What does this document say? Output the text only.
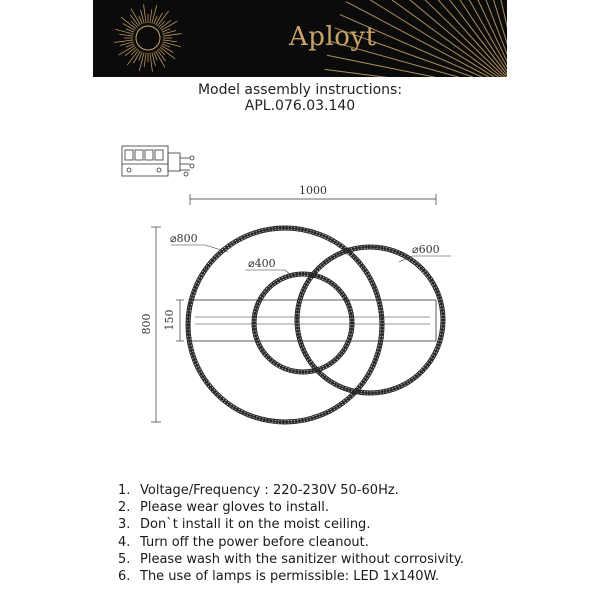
Aployt
Model assembly instructions:
APL.076.03.140
1000
800 150
⌀800
⌀400
⌀600
1. Voltage/Frequency : 220-230V 50-60Hz.
2. Please wear gloves to install.
3. Don`t install it on the moist ceiling.
4. Turn off the power before cleanout.
5. Please wash with the sanitizer without corrosivity.
6. The use of lamps is permissible: LED 1x140W.
